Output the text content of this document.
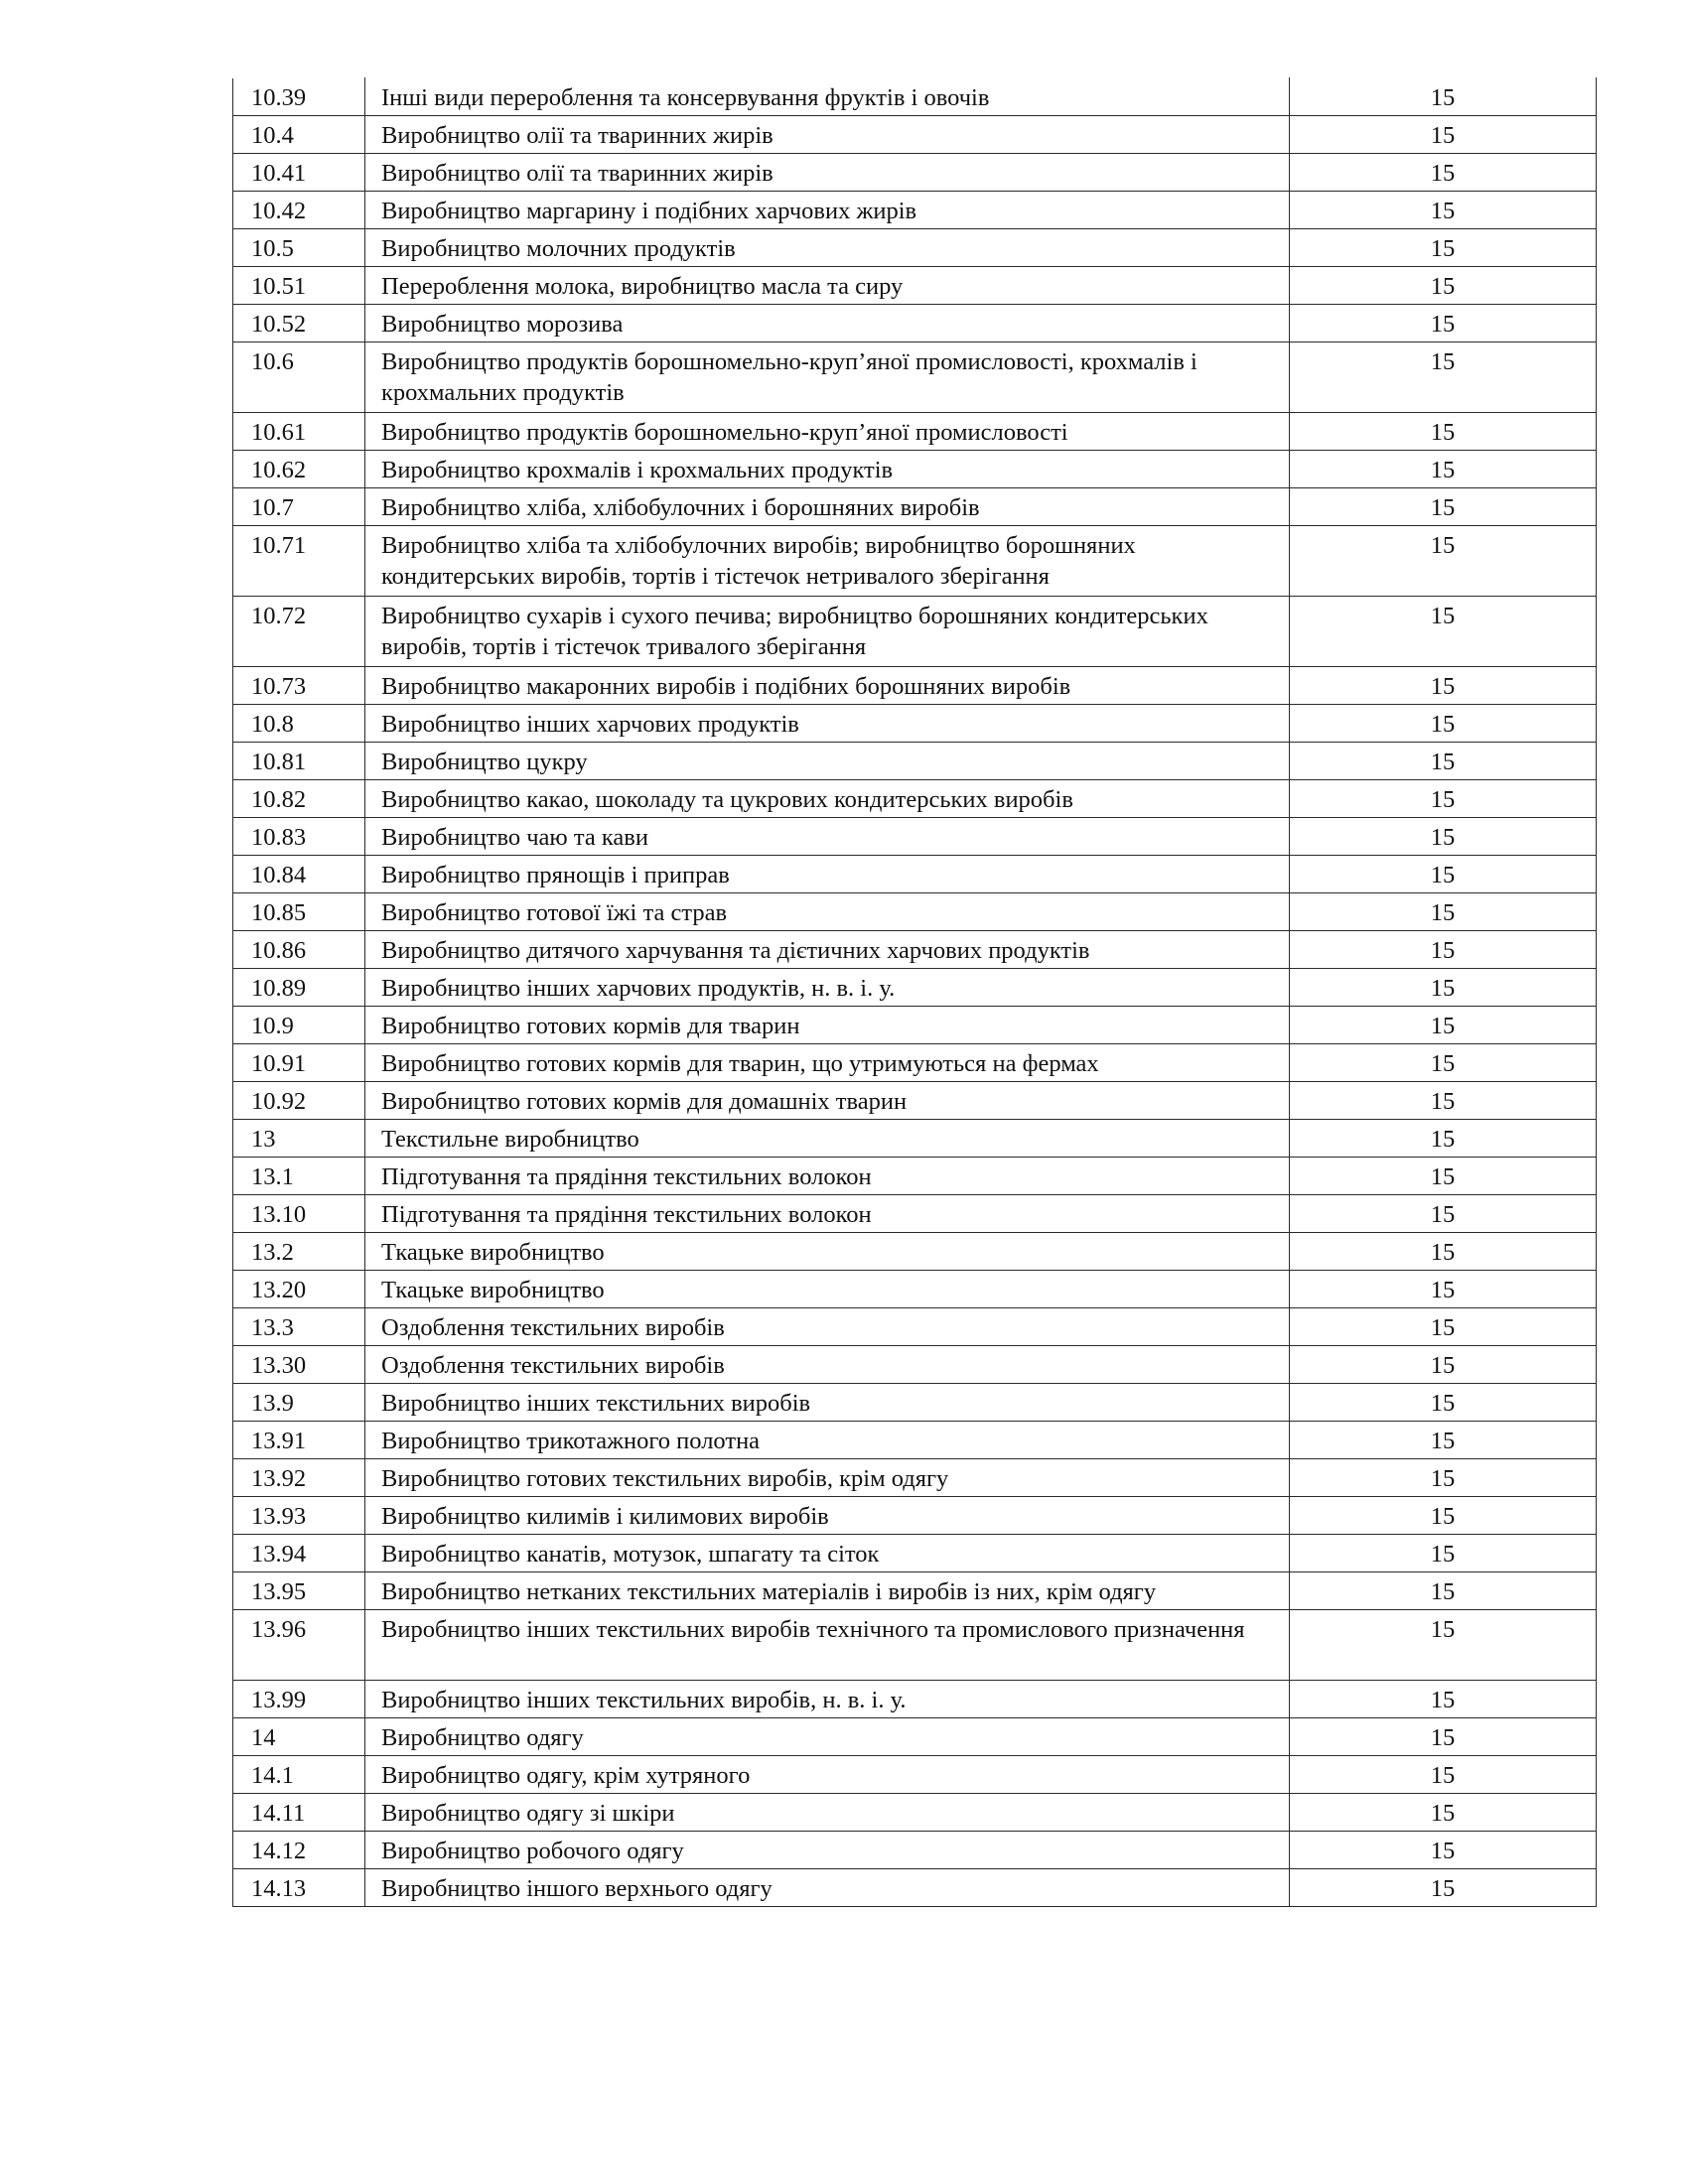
10.39	Інші види перероблення та консервування фруктів і овочів	15
10.4	Виробництво олії та тваринних жирів	15
10.41	Виробництво олії та тваринних жирів	15
10.42	Виробництво маргарину і подібних харчових жирів	15
10.5	Виробництво молочних продуктів	15
10.51	Перероблення молока, виробництво масла та сиру	15
10.52	Виробництво морозива	15
10.6	Виробництво продуктів борошномельно-круп’яної промисловості, крохмалів і крохмальних продуктів	15
10.61	Виробництво продуктів борошномельно-круп’яної промисловості	15
10.62	Виробництво крохмалів і крохмальних продуктів	15
10.7	Виробництво хліба, хлібобулочних і борошняних виробів	15
10.71	Виробництво хліба та хлібобулочних виробів; виробництво борошняних кондитерських виробів, тортів і тістечок нетривалого зберігання	15
10.72	Виробництво сухарів і сухого печива; виробництво борошняних кондитерських виробів, тортів і тістечок тривалого зберігання	15
10.73	Виробництво макаронних виробів і подібних борошняних виробів	15
10.8	Виробництво інших харчових продуктів	15
10.81	Виробництво цукру	15
10.82	Виробництво какао, шоколаду та цукрових кондитерських виробів	15
10.83	Виробництво чаю та кави	15
10.84	Виробництво прянощів і приправ	15
10.85	Виробництво готової їжі та страв	15
10.86	Виробництво дитячого харчування та дієтичних харчових продуктів	15
10.89	Виробництво інших харчових продуктів, н. в. і. у.	15
10.9	Виробництво готових кормів для тварин	15
10.91	Виробництво готових кормів для тварин, що утримуються на фермах	15
10.92	Виробництво готових кормів для домашніх тварин	15
13	Текстильне виробництво	15
13.1	Підготування та прядіння текстильних волокон	15
13.10	Підготування та прядіння текстильних волокон	15
13.2	Ткацьке виробництво	15
13.20	Ткацьке виробництво	15
13.3	Оздоблення текстильних виробів	15
13.30	Оздоблення текстильних виробів	15
13.9	Виробництво інших текстильних виробів	15
13.91	Виробництво трикотажного полотна	15
13.92	Виробництво готових текстильних виробів, крім одягу	15
13.93	Виробництво килимів і килимових виробів	15
13.94	Виробництво канатів, мотузок, шпагату та сіток	15
13.95	Виробництво нетканих текстильних матеріалів і виробів із них, крім одягу	15
13.96	Виробництво інших текстильних виробів технічного та промислового призначення	15
13.99	Виробництво інших текстильних виробів, н. в. і. у.	15
14	Виробництво одягу	15
14.1	Виробництво одягу, крім хутряного	15
14.11	Виробництво одягу зі шкіри	15
14.12	Виробництво робочого одягу	15
14.13	Виробництво іншого верхнього одягу	15
